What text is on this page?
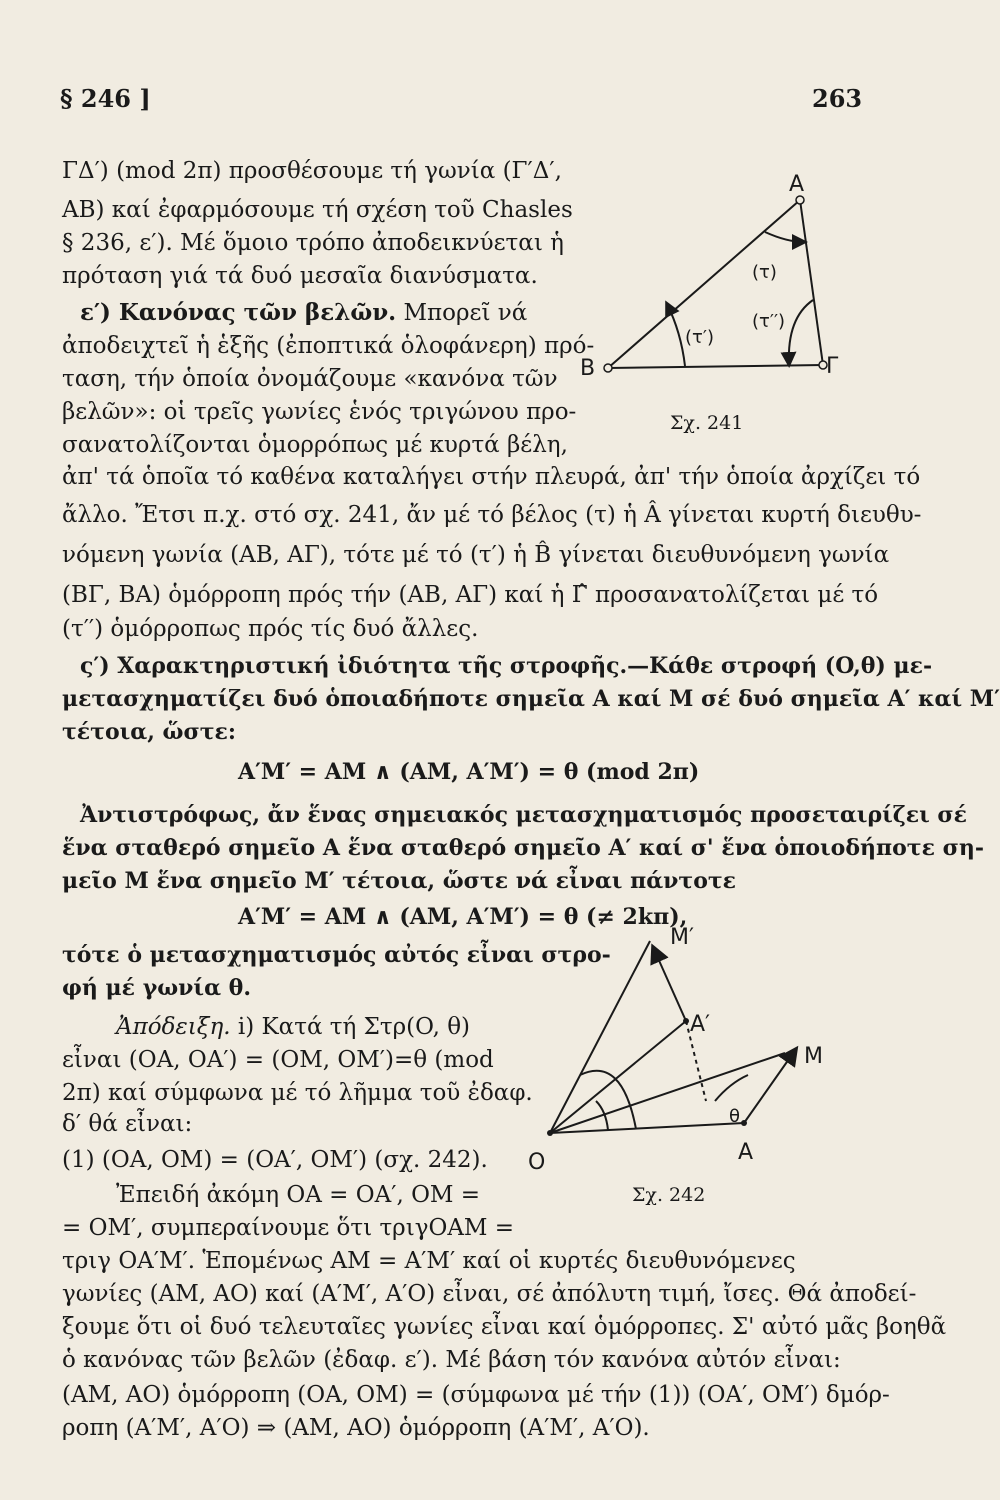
§ 246 ]	263
ΓΔ′) (mod 2π) προσθέσουμε τή γωνία (Γ′Δ′,
AB) καί ἐφαρμόσουμε τή σχέση τοῦ Chasles
§ 236, ε′). Μέ ὅμοιο τρόπο ἀποδεικνύεται ἡ
πρόταση γιά τά δυό μεσαῖα διανύσματα.
ε′) Κανόνας τῶν βελῶν. Μπορεῖ νά
ἀποδειχτεῖ ἡ ἑξῆς (ἐποπτικά ὁλοφάνερη) πρό-
ταση, τήν ὁποία ὀνομάζουμε «κανόνα τῶν
βελῶν»: οἱ τρεῖς γωνίες ἑνός τριγώνου προ-
σανατολίζονται ὁμορρόπως μέ κυρτά βέλη,
ἀπ' τά ὁποῖα τό καθένα καταλήγει στήν πλευρά, ἀπ' τήν ὁποία ἀρχίζει τό
ἄλλο. Ἔτσι π.χ. στό σχ. 241, ἄν μέ τό βέλος (τ) ἡ Â γίνεται κυρτή διευθυ-
νόμενη γωνία (AB, AΓ), τότε μέ τό (τ′) ἡ B̂ γίνεται διευθυνόμενη γωνία
(BΓ, BA) ὁμόρροπη πρός τήν (AB, AΓ) καί ἡ Γ̂ προσανατολίζεται μέ τό
(τ′′) ὁμόρροπως πρός τίς δυό ἄλλες.
ς′) Χαρακτηριστική ἰδιότητα τῆς στροφῆς.—Κάθε στροφή (O,θ) με-
μετασχηματίζει δυό ὁποιαδήποτε σημεῖα A καί M σέ δυό σημεῖα A′ καί M′
τέτοια, ὥστε:
A′M′ = AM ∧ (AM, A′M′) = θ (mod 2π)
Ἀντιστρόφως, ἄν ἕνας σημειακός μετασχηματισμός προσεταιρίζει σέ
ἕνα σταθερό σημεῖο A ἕνα σταθερό σημεῖο A′ καί σ' ἕνα ὁποιοδήποτε ση-
μεῖο M ἕνα σημεῖο M′ τέτοια, ὥστε νά εἶναι πάντοτε
A′M′ = AM ∧ (AM, A′M′) = θ (≠ 2kπ),
τότε ὁ μετασχηματισμός αὐτός εἶναι στρο-
φή μέ γωνία θ.
Ἀπόδειξη. i) Κατά τή Στρ(O, θ)
εἶναι (OA, OA′) = (OM, OM′)=θ (mod
2π) καί σύμφωνα μέ τό λῆμμα τοῦ ἐδαφ.
δ′ θά εἶναι:
(1) (OA, OM) = (OA′, OM′) (σχ. 242).
Ἐπειδή ἀκόμη OA = OA′, OM =
= OM′, συμπεραίνουμε ὅτι τριγOAM =
τριγ OA′M′. Ἑπομένως AM = A′M′ καί οἱ κυρτές διευθυνόμενες
γωνίες (AM, AO) καί (A′M′, A′O) εἶναι, σέ ἀπόλυτη τιμή, ἴσες. Θά ἀποδεί-
ξουμε ὅτι οἱ δυό τελευταῖες γωνίες εἶναι καί ὁμόρροπες. Σ' αὐτό μᾶς βοηθᾶ
ὁ κανόνας τῶν βελῶν (ἐδαφ. ε′). Μέ βάση τόν κανόνα αὐτόν εἶναι:
(AM, AO) ὁμόρροπη (OA, OM) = (σύμφωνα μέ τήν (1)) (OA′, OM′) δμόρ-
ροπη (A′M′, A′O) ⇒ (AM, AO) ὁμόρροπη (A′M′, A′O).
A
B	Γ
(τ)
(τ′)
(τ′′)
Σχ. 241
O	A
A′
M
M′
θ
Σχ. 242
